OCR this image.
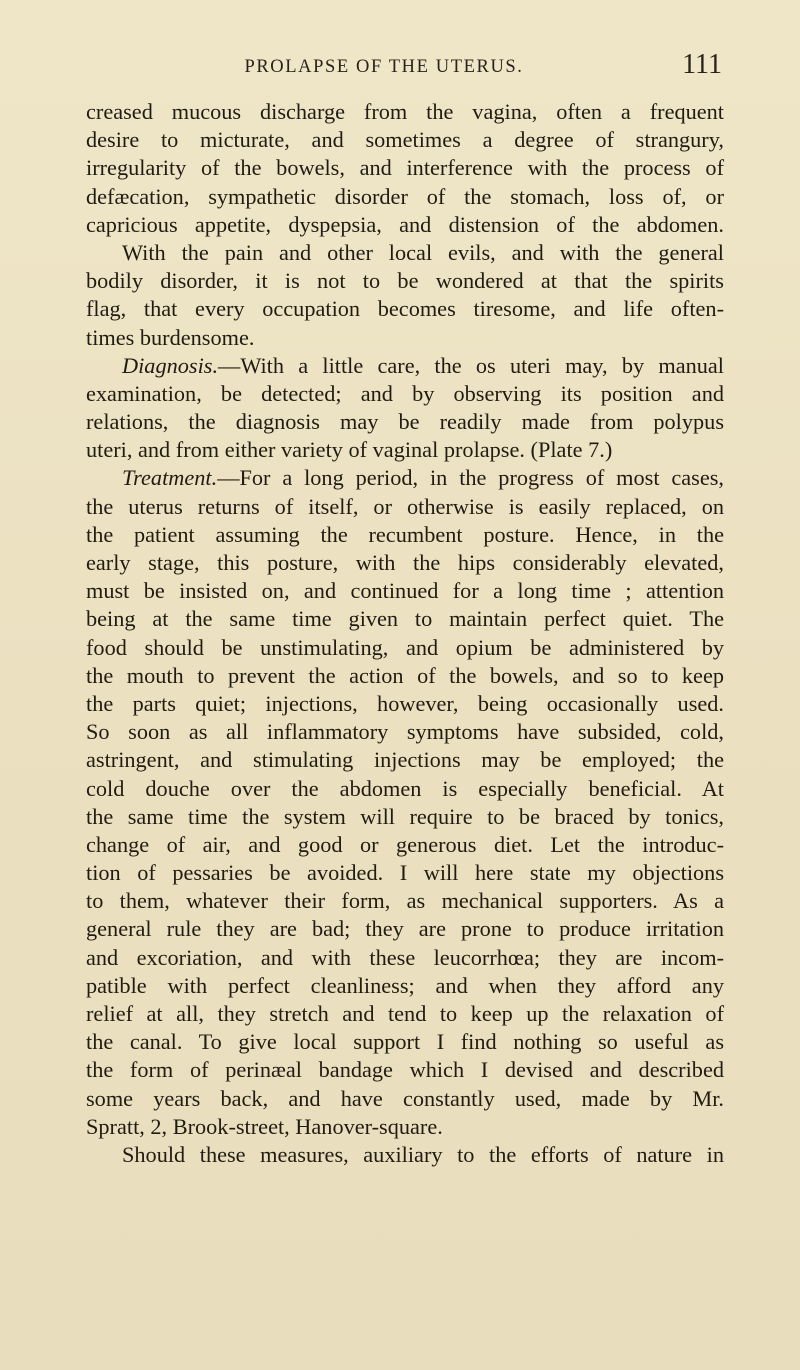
PROLAPSE OF THE UTERUS.	111
creased mucous discharge from the vagina, often a frequent
desire to micturate, and sometimes a degree of strangury,
irregularity of the bowels, and interference with the process of
defæcation, sympathetic disorder of the stomach, loss of, or
capricious appetite, dyspepsia, and distension of the abdomen.
With the pain and other local evils, and with the general
bodily disorder, it is not to be wondered at that the spirits
flag, that every occupation becomes tiresome, and life often-
times burdensome.
Diagnosis.—With a little care, the os uteri may, by manual
examination, be detected; and by observing its position and
relations, the diagnosis may be readily made from polypus
uteri, and from either variety of vaginal prolapse. (Plate 7.)
Treatment.—For a long period, in the progress of most cases,
the uterus returns of itself, or otherwise is easily replaced, on
the patient assuming the recumbent posture. Hence, in the
early stage, this posture, with the hips considerably elevated,
must be insisted on, and continued for a long time ; attention
being at the same time given to maintain perfect quiet. The
food should be unstimulating, and opium be administered by
the mouth to prevent the action of the bowels, and so to keep
the parts quiet; injections, however, being occasionally used.
So soon as all inflammatory symptoms have subsided, cold,
astringent, and stimulating injections may be employed; the
cold douche over the abdomen is especially beneficial. At
the same time the system will require to be braced by tonics,
change of air, and good or generous diet. Let the introduc-
tion of pessaries be avoided. I will here state my objections
to them, whatever their form, as mechanical supporters. As a
general rule they are bad; they are prone to produce irritation
and excoriation, and with these leucorrhœa; they are incom-
patible with perfect cleanliness; and when they afford any
relief at all, they stretch and tend to keep up the relaxation of
the canal. To give local support I find nothing so useful as
the form of perinæal bandage which I devised and described
some years back, and have constantly used, made by Mr.
Spratt, 2, Brook-street, Hanover-square.
Should these measures, auxiliary to the efforts of nature in
